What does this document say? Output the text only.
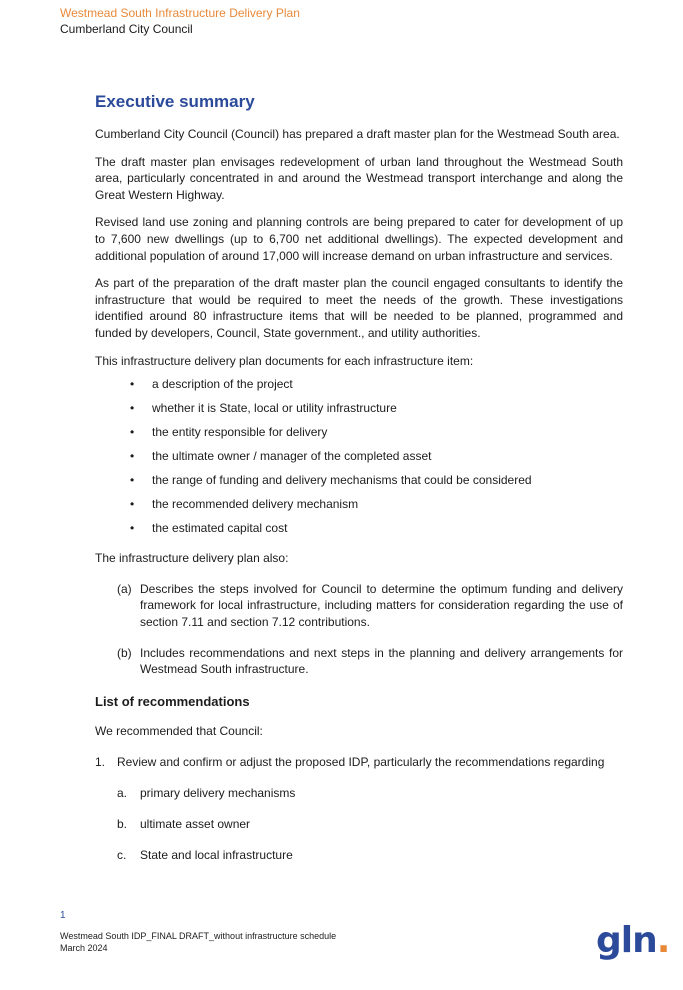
Westmead South Infrastructure Delivery Plan
Cumberland City Council
Executive summary

Cumberland City Council (Council) has prepared a draft master plan for the Westmead South area.

The draft master plan envisages redevelopment of urban land throughout the Westmead South area, particularly concentrated in and around the Westmead transport interchange and along the Great Western Highway.

Revised land use zoning and planning controls are being prepared to cater for development of up to 7,600 new dwellings (up to 6,700 net additional dwellings). The expected development and additional population of around 17,000 will increase demand on urban infrastructure and services.

As part of the preparation of the draft master plan the council engaged consultants to identify the infrastructure that would be required to meet the needs of the growth. These investigations identified around 80 infrastructure items that will be needed to be planned, programmed and funded by developers, Council, State government., and utility authorities.

This infrastructure delivery plan documents for each infrastructure item:

• a description of the project
• whether it is State, local or utility infrastructure
• the entity responsible for delivery
• the ultimate owner / manager of the completed asset
• the range of funding and delivery mechanisms that could be considered
• the recommended delivery mechanism
• the estimated capital cost

The infrastructure delivery plan also:

(a) Describes the steps involved for Council to determine the optimum funding and delivery framework for local infrastructure, including matters for consideration regarding the use of section 7.11 and section 7.12 contributions.
(b) Includes recommendations and next steps in the planning and delivery arrangements for Westmead South infrastructure.
List of recommendations

We recommended that Council:

1. Review and confirm or adjust the proposed IDP, particularly the recommendations regarding
a. primary delivery mechanisms
b. ultimate asset owner
c. State and local infrastructure
1
Westmead South IDP_FINAL DRAFT_without infrastructure schedule
March 2024	gln.
